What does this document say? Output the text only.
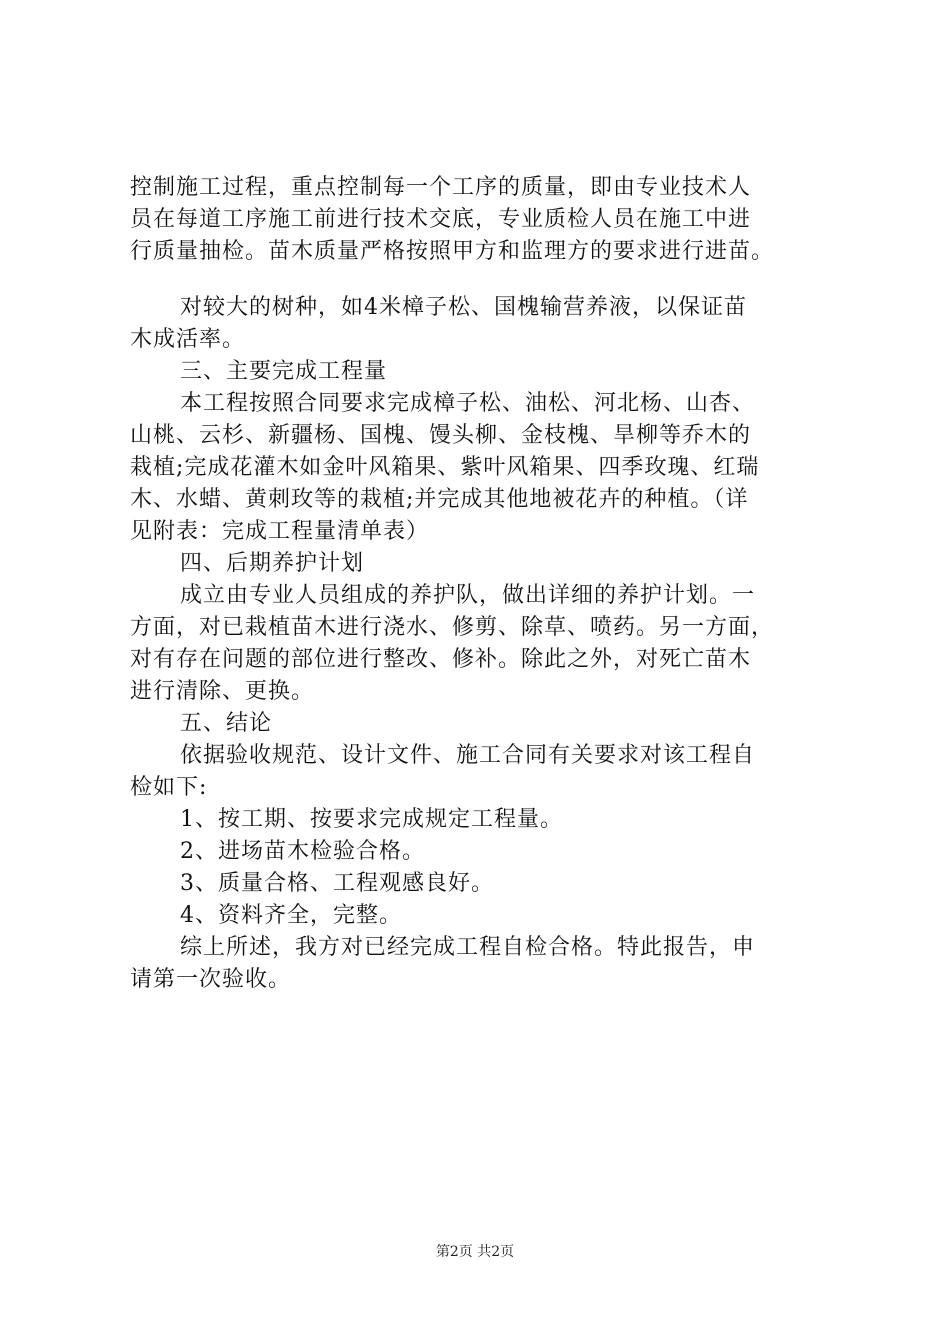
控制施工过程，重点控制每一个工序的质量，即由专业技术人
员在每道工序施工前进行技术交底，专业质检人员在施工中进
行质量抽检。苗木质量严格按照甲方和监理方的要求进行进苗。
对较大的树种，如4米樟子松、国槐输营养液，以保证苗
木成活率。
三、主要完成工程量
本工程按照合同要求完成樟子松、油松、河北杨、山杏、
山桃、云杉、新疆杨、国槐、馒头柳、金枝槐、旱柳等乔木的
栽植;完成花灌木如金叶风箱果、紫叶风箱果、四季玫瑰、红瑞
木、水蜡、黄刺玫等的栽植;并完成其他地被花卉的种植。（详
见附表：完成工程量清单表）
四、后期养护计划
成立由专业人员组成的养护队，做出详细的养护计划。一
方面，对已栽植苗木进行浇水、修剪、除草、喷药。另一方面，
对有存在问题的部位进行整改、修补。除此之外，对死亡苗木
进行清除、更换。
五、结论
依据验收规范、设计文件、施工合同有关要求对该工程自
检如下:
1、按工期、按要求完成规定工程量。
2、进场苗木检验合格。
3、质量合格、工程观感良好。
4、资料齐全，完整。
综上所述，我方对已经完成工程自检合格。特此报告，申
请第一次验收。
第2页 共2页
